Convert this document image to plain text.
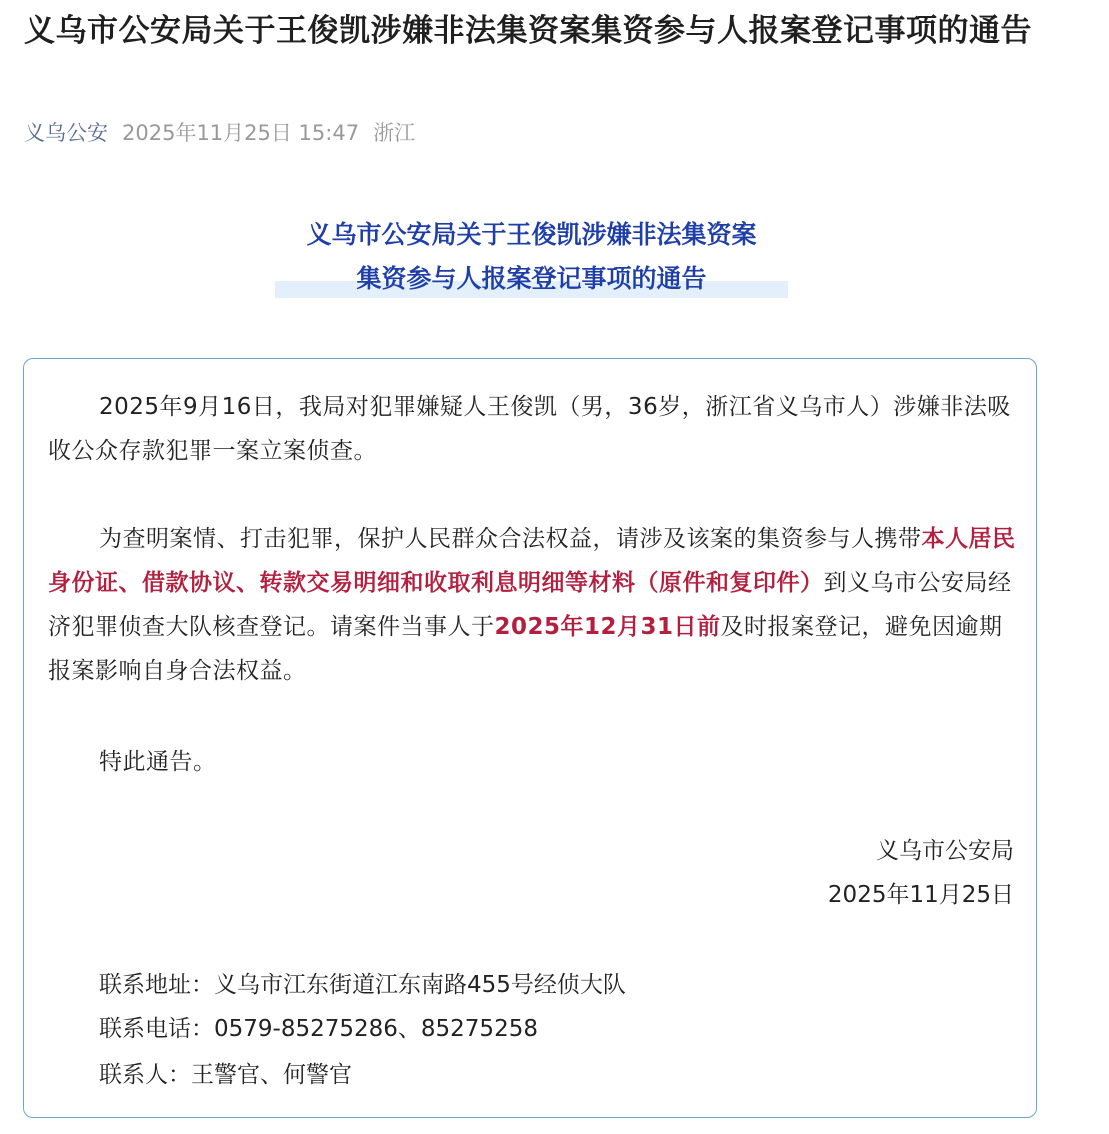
义乌市公安局关于王俊凯涉嫌非法集资案集资参与人报案登记事项的通告
义乌公安 2025年11月25日 15:47 浙江
义乌市公安局关于王俊凯涉嫌非法集资案
集资参与人报案登记事项的通告

2025年9月16日，我局对犯罪嫌疑人王俊凯（男，36岁，浙江省义乌市人）涉嫌非法吸收公众存款犯罪一案立案侦查。

为查明案情、打击犯罪，保护人民群众合法权益，请涉及该案的集资参与人携带本人居民身份证、借款协议、转款交易明细和收取利息明细等材料（原件和复印件）到义乌市公安局经济犯罪侦查大队核查登记。请案件当事人于2025年12月31日前及时报案登记，避免因逾期报案影响自身合法权益。

特此通告。

义乌市公安局
2025年11月25日
联系地址：义乌市江东街道江东南路455号经侦大队
联系电话：0579-85275286、85275258
联系人：王警官、何警官
